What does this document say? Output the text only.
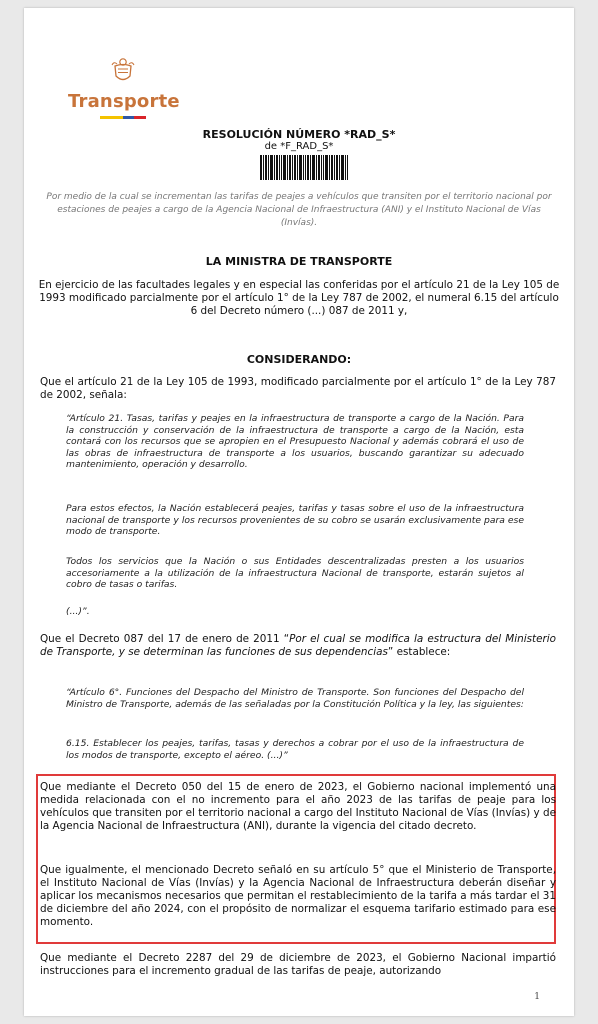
Transporte
RESOLUCIÓN NÚMERO *RAD_S*
de *F_RAD_S*
Por medio de la cual se incrementan las tarifas de peajes a vehículos que transiten por el territorio nacional por estaciones de peajes a cargo de la Agencia Nacional de Infraestructura (ANI) y el Instituto Nacional de Vías (Invías).
LA MINISTRA DE TRANSPORTE
En ejercicio de las facultades legales y en especial las conferidas por el artículo 21 de la Ley 105 de 1993 modificado parcialmente por el artículo 1° de la Ley 787 de 2002, el numeral 6.15 del artículo 6 del Decreto número (...) 087 de 2011 y,
CONSIDERANDO:
Que el artículo 21 de la Ley 105 de 1993, modificado parcialmente por el artículo 1° de la Ley 787 de 2002, señala:
“Artículo 21. Tasas, tarifas y peajes en la infraestructura de transporte a cargo de la Nación. Para la construcción y conservación de la infraestructura de transporte a cargo de la Nación, esta contará con los recursos que se apropien en el Presupuesto Nacional y además cobrará el uso de las obras de infraestructura de transporte a los usuarios, buscando garantizar su adecuado mantenimiento, operación y desarrollo.
Para estos efectos, la Nación establecerá peajes, tarifas y tasas sobre el uso de la infraestructura nacional de transporte y los recursos provenientes de su cobro se usarán exclusivamente para ese modo de transporte.
Todos los servicios que la Nación o sus Entidades descentralizadas presten a los usuarios accesoriamente a la utilización de la infraestructura Nacional de transporte, estarán sujetos al cobro de tasas o tarifas.
(...)”.
Que el Decreto 087 del 17 de enero de 2011 “Por el cual se modifica la estructura del Ministerio de Transporte, y se determinan las funciones de sus dependencias” establece:
“Artículo 6°. Funciones del Despacho del Ministro de Transporte. Son funciones del Despacho del Ministro de Transporte, además de las señaladas por la Constitución Política y la ley, las siguientes:
6.15. Establecer los peajes, tarifas, tasas y derechos a cobrar por el uso de la infraestructura de los modos de transporte, excepto el aéreo. (...)”
Que mediante el Decreto 050 del 15 de enero de 2023, el Gobierno nacional implementó una medida relacionada con el no incremento para el año 2023 de las tarifas de peaje para los vehículos que transiten por el territorio nacional a cargo del Instituto Nacional de Vías (Invías) y de la Agencia Nacional de Infraestructura (ANI), durante la vigencia del citado decreto.
Que igualmente, el mencionado Decreto señaló en su artículo 5° que el Ministerio de Transporte, el Instituto Nacional de Vías (Invías) y la Agencia Nacional de Infraestructura deberán diseñar y aplicar los mecanismos necesarios que permitan el restablecimiento de la tarifa a más tardar el 31 de diciembre del año 2024, con el propósito de normalizar el esquema tarifario estimado para ese momento.
Que mediante el Decreto 2287 del 29 de diciembre de 2023, el Gobierno Nacional impartió instrucciones para el incremento gradual de las tarifas de peaje, autorizando
1
